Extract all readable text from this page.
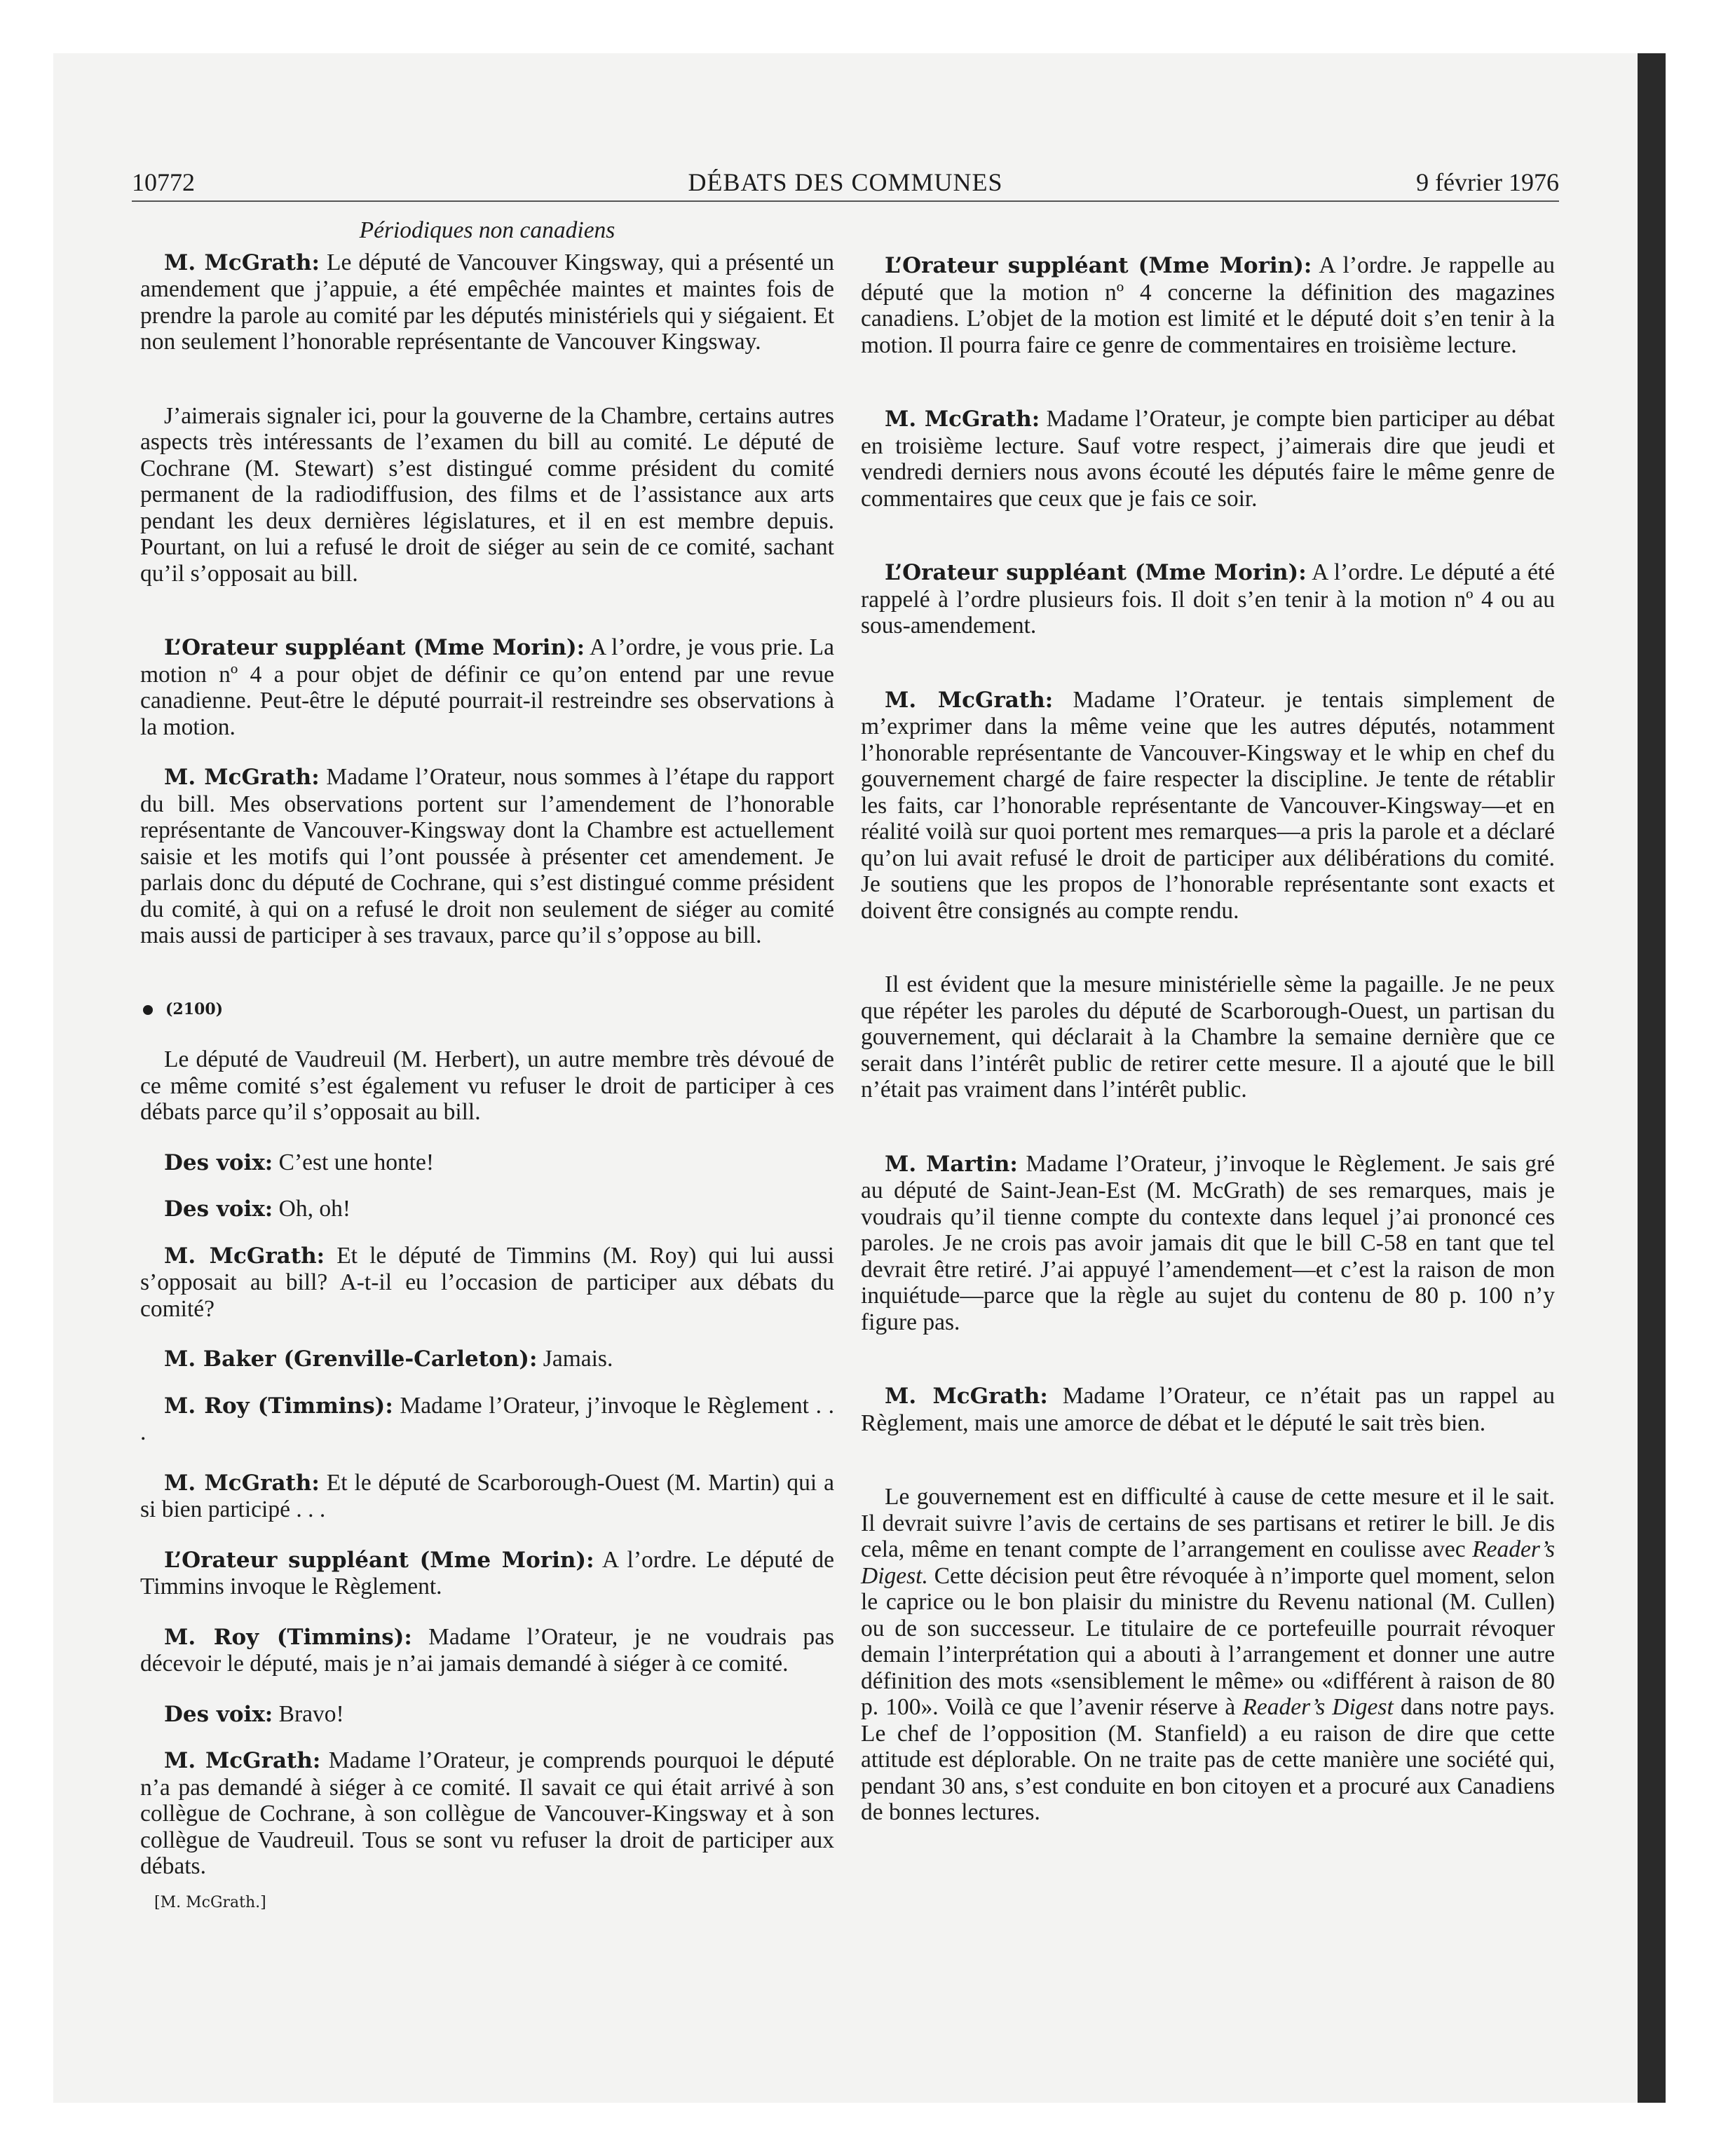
10772	DÉBATS DES COMMUNES	9 février 1976

Périodiques non canadiens

M. McGrath: Le député de Vancouver Kingsway, qui a présenté un amendement que j’appuie, a été empêchée maintes et maintes fois de prendre la parole au comité par les députés ministériels qui y siégaient. Et non seulement l’honorable représentante de Vancouver Kingsway.

J’aimerais signaler ici, pour la gouverne de la Chambre, certains autres aspects très intéressants de l’examen du bill au comité. Le député de Cochrane (M. Stewart) s’est distingué comme président du comité permanent de la radiodiffusion, des films et de l’assistance aux arts pendant les deux dernières législatures, et il en est membre depuis. Pourtant, on lui a refusé le droit de siéger au sein de ce comité, sachant qu’il s’opposait au bill.

L’Orateur suppléant (Mme Morin): A l’ordre, je vous prie. La motion nº 4 a pour objet de définir ce qu’on entend par une revue canadienne. Peut-être le député pourrait-il restreindre ses observations à la motion.

M. McGrath: Madame l’Orateur, nous sommes à l’étape du rapport du bill. Mes observations portent sur l’amendement de l’honorable représentante de Vancouver-Kingsway dont la Chambre est actuellement saisie et les motifs qui l’ont poussée à présenter cet amendement. Je parlais donc du député de Cochrane, qui s’est distingué comme président du comité, à qui on a refusé le droit non seulement de siéger au comité mais aussi de participer à ses travaux, parce qu’il s’oppose au bill.

(2100)

Le député de Vaudreuil (M. Herbert), un autre membre très dévoué de ce même comité s’est également vu refuser le droit de participer à ces débats parce qu’il s’opposait au bill.

Des voix: C’est une honte!

Des voix: Oh, oh!

M. McGrath: Et le député de Timmins (M. Roy) qui lui aussi s’opposait au bill? A-t-il eu l’occasion de participer aux débats du comité?

M. Baker (Grenville-Carleton): Jamais.

M. Roy (Timmins): Madame l’Orateur, j’invoque le Règlement . . .

M. McGrath: Et le député de Scarborough-Ouest (M. Martin) qui a si bien participé . . .

L’Orateur suppléant (Mme Morin): A l’ordre. Le député de Timmins invoque le Règlement.

M. Roy (Timmins): Madame l’Orateur, je ne voudrais pas décevoir le député, mais je n’ai jamais demandé à siéger à ce comité.

Des voix: Bravo!

M. McGrath: Madame l’Orateur, je comprends pourquoi le député n’a pas demandé à siéger à ce comité. Il savait ce qui était arrivé à son collègue de Cochrane, à son collègue de Vancouver-Kingsway et à son collègue de Vaudreuil. Tous se sont vu refuser la droit de participer aux débats.

[M. McGrath.]

L’Orateur suppléant (Mme Morin): A l’ordre. Je rappelle au député que la motion nº 4 concerne la définition des magazines canadiens. L’objet de la motion est limité et le député doit s’en tenir à la motion. Il pourra faire ce genre de commentaires en troisième lecture.

M. McGrath: Madame l’Orateur, je compte bien participer au débat en troisième lecture. Sauf votre respect, j’aimerais dire que jeudi et vendredi derniers nous avons écouté les députés faire le même genre de commentaires que ceux que je fais ce soir.

L’Orateur suppléant (Mme Morin): A l’ordre. Le député a été rappelé à l’ordre plusieurs fois. Il doit s’en tenir à la motion nº 4 ou au sous-amendement.

M. McGrath: Madame l’Orateur. je tentais simplement de m’exprimer dans la même veine que les autres députés, notamment l’honorable représentante de Vancouver-Kingsway et le whip en chef du gouvernement chargé de faire respecter la discipline. Je tente de rétablir les faits, car l’honorable représentante de Vancouver-Kingsway—et en réalité voilà sur quoi portent mes remarques—a pris la parole et a déclaré qu’on lui avait refusé le droit de participer aux délibérations du comité. Je soutiens que les propos de l’honorable représentante sont exacts et doivent être consignés au compte rendu.

Il est évident que la mesure ministérielle sème la pagaille. Je ne peux que répéter les paroles du député de Scarborough-Ouest, un partisan du gouvernement, qui déclarait à la Chambre la semaine dernière que ce serait dans l’intérêt public de retirer cette mesure. Il a ajouté que le bill n’était pas vraiment dans l’intérêt public.

M. Martin: Madame l’Orateur, j’invoque le Règlement. Je sais gré au député de Saint-Jean-Est (M. McGrath) de ses remarques, mais je voudrais qu’il tienne compte du contexte dans lequel j’ai prononcé ces paroles. Je ne crois pas avoir jamais dit que le bill C-58 en tant que tel devrait être retiré. J’ai appuyé l’amendement—et c’est la raison de mon inquiétude—parce que la règle au sujet du contenu de 80 p. 100 n’y figure pas.

M. McGrath: Madame l’Orateur, ce n’était pas un rappel au Règlement, mais une amorce de débat et le député le sait très bien.

Le gouvernement est en difficulté à cause de cette mesure et il le sait. Il devrait suivre l’avis de certains de ses partisans et retirer le bill. Je dis cela, même en tenant compte de l’arrangement en coulisse avec Reader’s Digest. Cette décision peut être révoquée à n’importe quel moment, selon le caprice ou le bon plaisir du ministre du Revenu national (M. Cullen) ou de son successeur. Le titulaire de ce portefeuille pourrait révoquer demain l’interprétation qui a abouti à l’arrangement et donner une autre définition des mots «sensiblement le même» ou «différent à raison de 80 p. 100». Voilà ce que l’avenir réserve à Reader’s Digest dans notre pays. Le chef de l’opposition (M. Stanfield) a eu raison de dire que cette attitude est déplorable. On ne traite pas de cette manière une société qui, pendant 30 ans, s’est conduite en bon citoyen et a procuré aux Canadiens de bonnes lectures.
